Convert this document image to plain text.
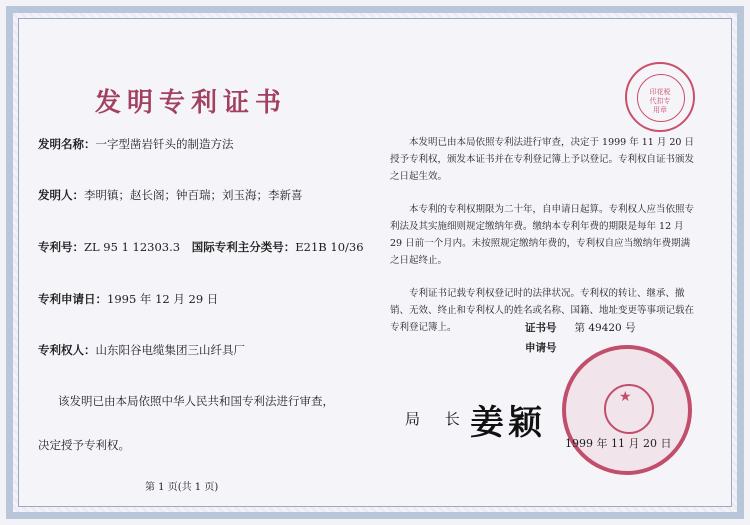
发明专利证书	印花税代扣专用章
发明名称：一字型凿岩钎头的制造方法
发明人：李明镇；赵长阁；钟百瑞；刘玉海；李新喜
专利号：ZL 95 1 12303.3 国际专利主分类号：E21B 10/36
专利申请日：1995 年 12 月 29 日
专利权人：山东阳谷电缆集团三山纤具厂
该发明已由本局依照中华人民共和国专利法进行审查，
决定授予专利权。
第 1 页(共 1 页)
本发明已由本局依照专利法进行审查，决定于 1999 年 11 月 20 日授予专利权，颁发本证书并在专利登记簿上予以登记。专利权自证书颁发之日起生效。
本专利的专利权期限为二十年，自申请日起算。专利权人应当依照专利法及其实施细则规定缴纳年费。缴纳本专利年费的期限是每年 12 月 29 日前一个月内。未按照规定缴纳年费的，专利权自应当缴纳年费期满之日起终止。
专利证书记载专利权登记时的法律状况。专利权的转让、继承、撤销、无效、终止和专利权人的姓名或名称、国籍、地址变更等事项记载在专利登记簿上。	证书号 第 49420 号
申请号
★
局 长 姜颖
1999 年 11 月 20 日
